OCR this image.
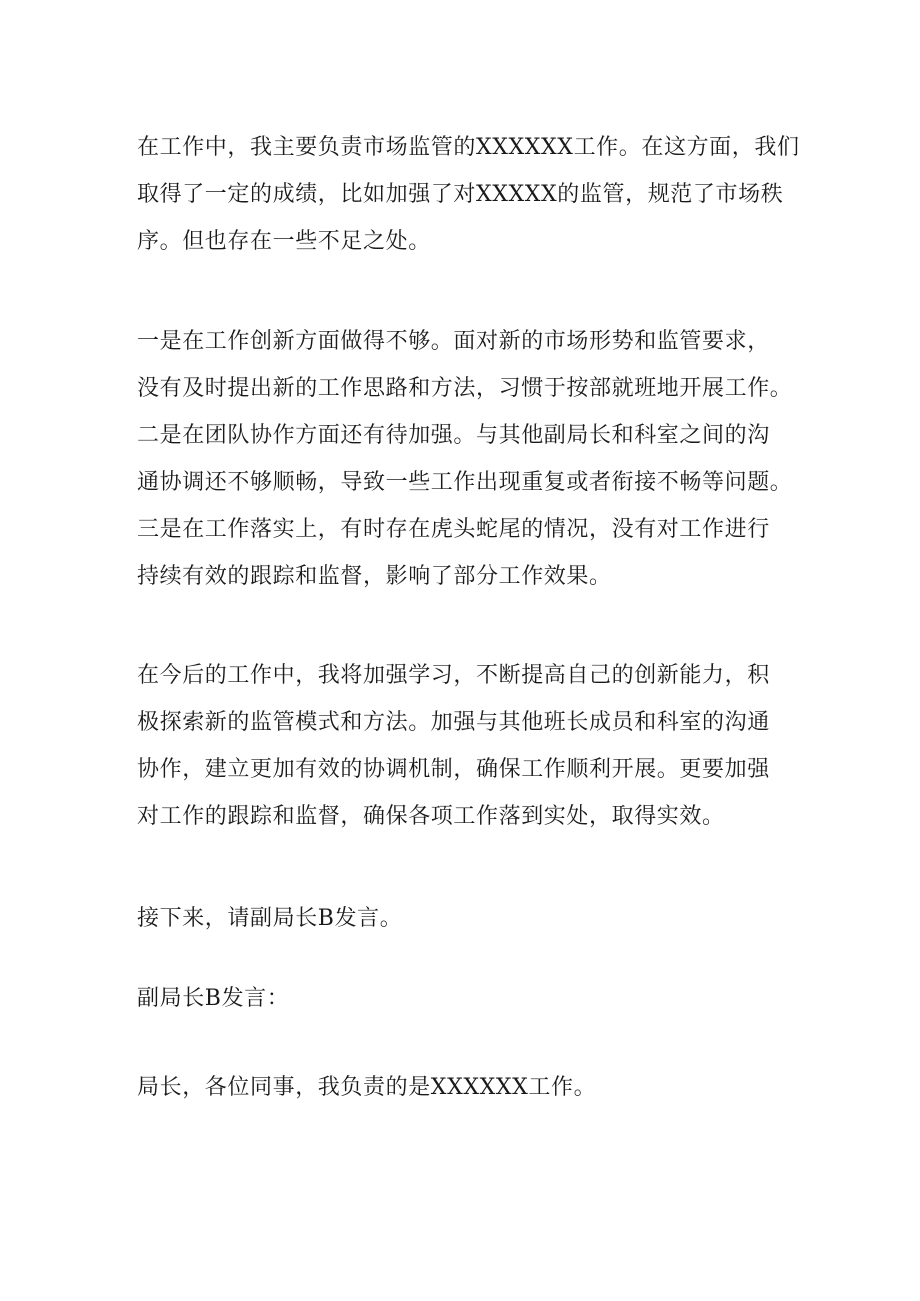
在工作中，我主要负责市场监管的XXXXXX工作。在这方面，我们
取得了一定的成绩，比如加强了对XXXXX的监管，规范了市场秩
序。但也存在一些不足之处。

一是在工作创新方面做得不够。面对新的市场形势和监管要求，
没有及时提出新的工作思路和方法，习惯于按部就班地开展工作。
二是在团队协作方面还有待加强。与其他副局长和科室之间的沟
通协调还不够顺畅，导致一些工作出现重复或者衔接不畅等问题。
三是在工作落实上，有时存在虎头蛇尾的情况，没有对工作进行
持续有效的跟踪和监督，影响了部分工作效果。

在今后的工作中，我将加强学习，不断提高自己的创新能力，积
极探索新的监管模式和方法。加强与其他班长成员和科室的沟通
协作，建立更加有效的协调机制，确保工作顺利开展。更要加强
对工作的跟踪和监督，确保各项工作落到实处，取得实效。

接下来，请副局长B发言。

副局长B发言：

局长，各位同事，我负责的是XXXXXX工作。
